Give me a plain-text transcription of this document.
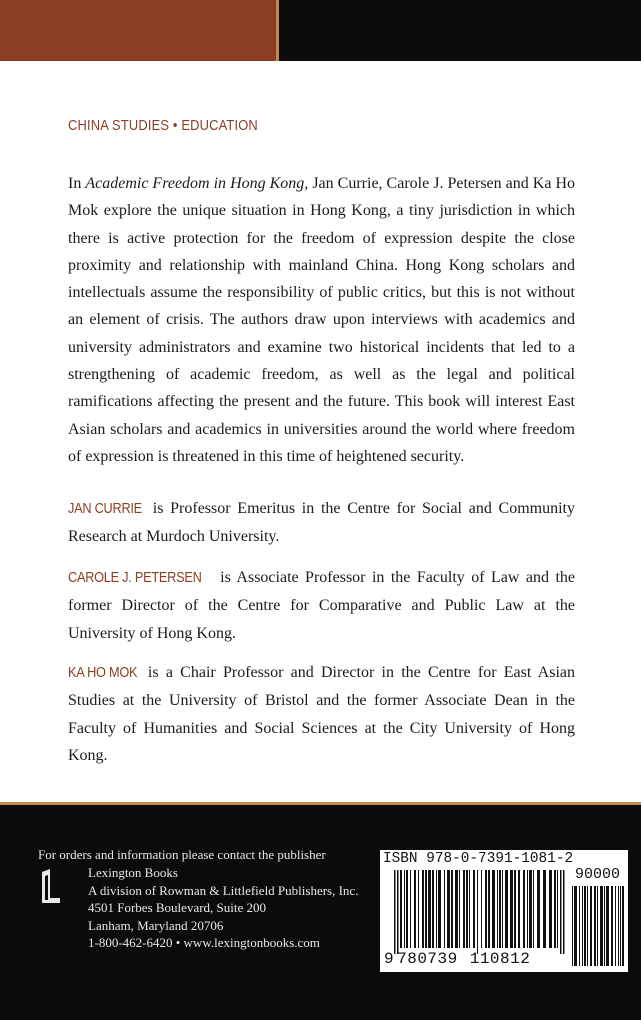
CHINA STUDIES • EDUCATION

In Academic Freedom in Hong Kong, Jan Currie, Carole J. Petersen and Ka Ho Mok explore the unique situation in Hong Kong, a tiny jurisdiction in which there is active protection for the freedom of expression despite the close proximity and relationship with mainland China. Hong Kong scholars and intellectuals assume the responsibility of public critics, but this is not without an element of crisis. The authors draw upon interviews with academics and university administrators and examine two historical incidents that led to a strengthening of academic freedom, as well as the legal and political ramifications affecting the present and the future. This book will interest East Asian scholars and academics in universities around the world where freedom of expression is threatened in this time of heightened security.

JAN CURRIE is Professor Emeritus in the Centre for Social and Community Research at Murdoch University.

CAROLE J. PETERSEN is Associate Professor in the Faculty of Law and the former Director of the Centre for Comparative and Public Law at the University of Hong Kong.

KA HO MOK is a Chair Professor and Director in the Centre for East Asian Studies at the University of Bristol and the former Associate Dean in the Faculty of Humanities and Social Sciences at the City University of Hong Kong.

For orders and information please contact the publisher
Lexington Books
A division of Rowman & Littlefield Publishers, Inc.
4501 Forbes Boulevard, Suite 200
Lanham, Maryland 20706
1-800-462-6420 • www.lexingtonbooks.com
ISBN 978-0-7391-1081-2
90000
9 780739 110812
